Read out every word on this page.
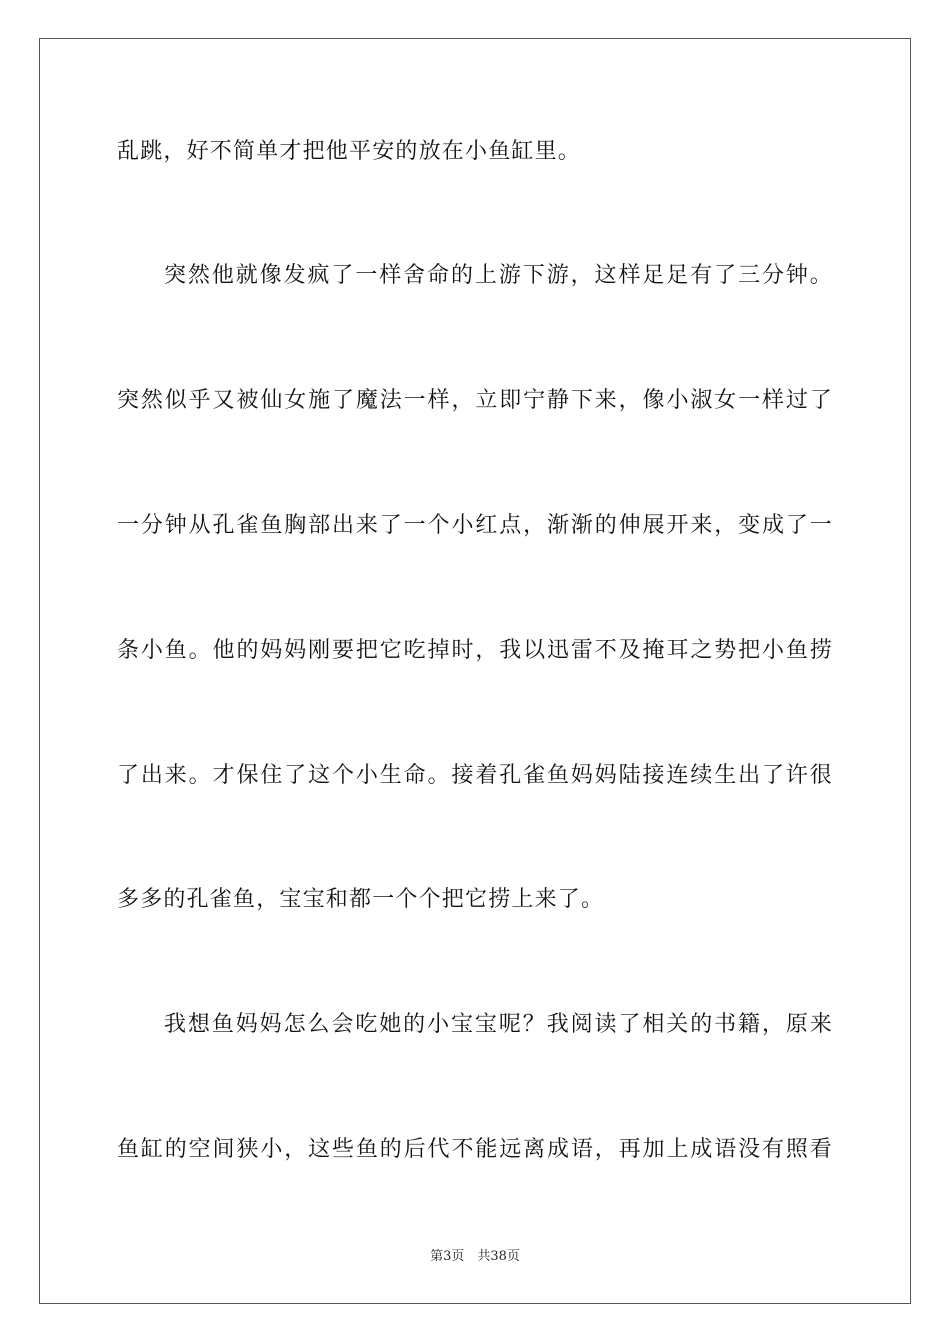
乱跳，好不简单才把他平安的放在小鱼缸里。
突然他就像发疯了一样舍命的上游下游，这样足足有了三分钟。
突然似乎又被仙女施了魔法一样，立即宁静下来，像小淑女一样过了
一分钟从孔雀鱼胸部出来了一个小红点，渐渐的伸展开来，变成了一
条小鱼。他的妈妈刚要把它吃掉时，我以迅雷不及掩耳之势把小鱼捞
了出来。才保住了这个小生命。接着孔雀鱼妈妈陆接连续生出了许很
多多的孔雀鱼，宝宝和都一个个把它捞上来了。
我想鱼妈妈怎么会吃她的小宝宝呢？我阅读了相关的书籍，原来
鱼缸的空间狭小，这些鱼的后代不能远离成语，再加上成语没有照看
第3页　共38页
